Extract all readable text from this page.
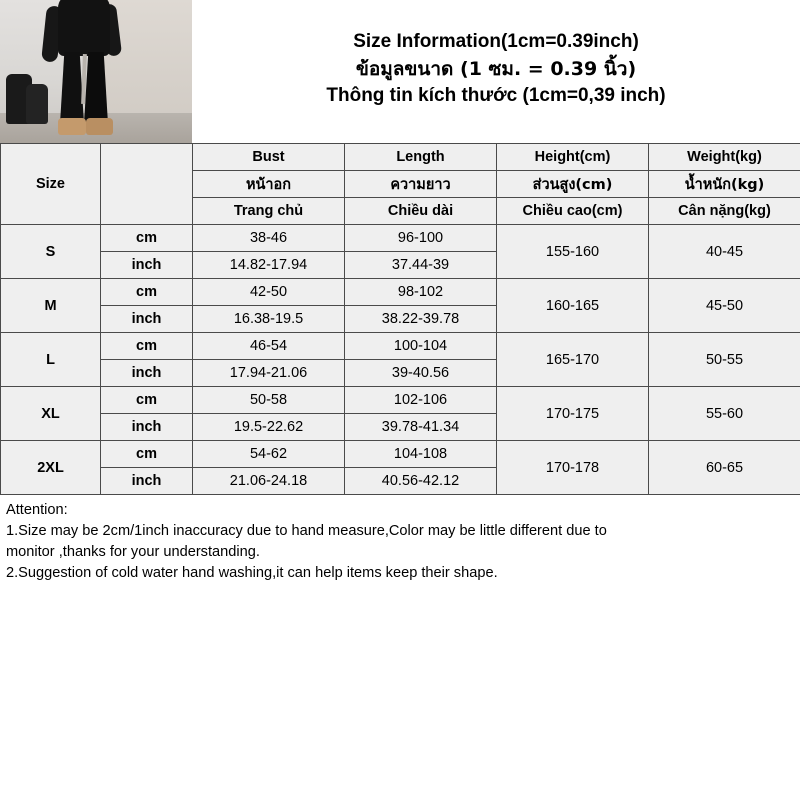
Size Information(1cm=0.39inch)
ข้อมูลขนาด (1 ซม. = 0.39 นิ้ว)
Thông tin kích thước (1cm=0,39 inch)
Size		Bust	Length	Height(cm)	Weight(kg)
		หน้าอก	ความยาว	ส่วนสูง(cm)	น้ำหนัก(kg)
		Trang chủ	Chiều dài	Chiều cao(cm)	Cân nặng(kg)
S	cm	38-46	96-100	155-160	40-45
	inch	14.82-17.94	37.44-39		
M	cm	42-50	98-102	160-165	45-50
	inch	16.38-19.5	38.22-39.78		
L	cm	46-54	100-104	165-170	50-55
	inch	17.94-21.06	39-40.56		
XL	cm	50-58	102-106	170-175	55-60
	inch	19.5-22.62	39.78-41.34		
2XL	cm	54-62	104-108	170-178	60-65
	inch	21.06-24.18	40.56-42.12		
Attention:
1.Size may be 2cm/1inch inaccuracy due to hand measure,Color may be little different due to
monitor ,thanks for your understanding.
2.Suggestion of cold water hand washing,it can help items keep their shape.
